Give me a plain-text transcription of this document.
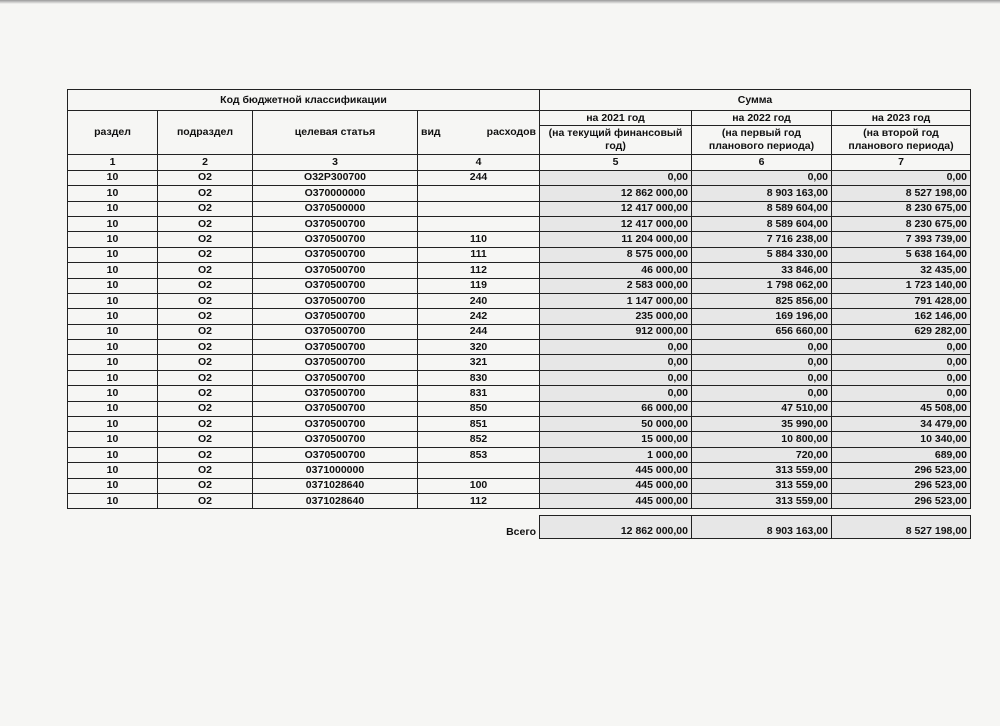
Код бюджетной классификации				Сумма		
раздел	подраздел	целевая статья	вид расходов	на 2021 год	на 2022 год	на 2023 год
				(на текущий финансовый год)	(на первый год планового периода)	(на второй год планового периода)
1	2	3	4	5	6	7
10	О2	О32Р300700	244	0,00	0,00	0,00
10	О2	О370000000		12 862 000,00	8 903 163,00	8 527 198,00
10	О2	О370500000		12 417 000,00	8 589 604,00	8 230 675,00
10	О2	О370500700		12 417 000,00	8 589 604,00	8 230 675,00
10	О2	О370500700	110	11 204 000,00	7 716 238,00	7 393 739,00
10	О2	О370500700	111	8 575 000,00	5 884 330,00	5 638 164,00
10	О2	О370500700	112	46 000,00	33 846,00	32 435,00
10	О2	О370500700	119	2 583 000,00	1 798 062,00	1 723 140,00
10	О2	О370500700	240	1 147 000,00	825 856,00	791 428,00
10	О2	О370500700	242	235 000,00	169 196,00	162 146,00
10	О2	О370500700	244	912 000,00	656 660,00	629 282,00
10	О2	О370500700	320	0,00	0,00	0,00
10	О2	О370500700	321	0,00	0,00	0,00
10	О2	О370500700	830	0,00	0,00	0,00
10	О2	О370500700	831	0,00	0,00	0,00
10	О2	О370500700	850	66 000,00	47 510,00	45 508,00
10	О2	О370500700	851	50 000,00	35 990,00	34 479,00
10	О2	О370500700	852	15 000,00	10 800,00	10 340,00
10	О2	О370500700	853	1 000,00	720,00	689,00
10	О2	0371000000		445 000,00	313 559,00	296 523,00
10	О2	0371028640	100	445 000,00	313 559,00	296 523,00
10	О2	0371028640	112	445 000,00	313 559,00	296 523,00

Всего				12 862 000,00	8 903 163,00	8 527 198,00
